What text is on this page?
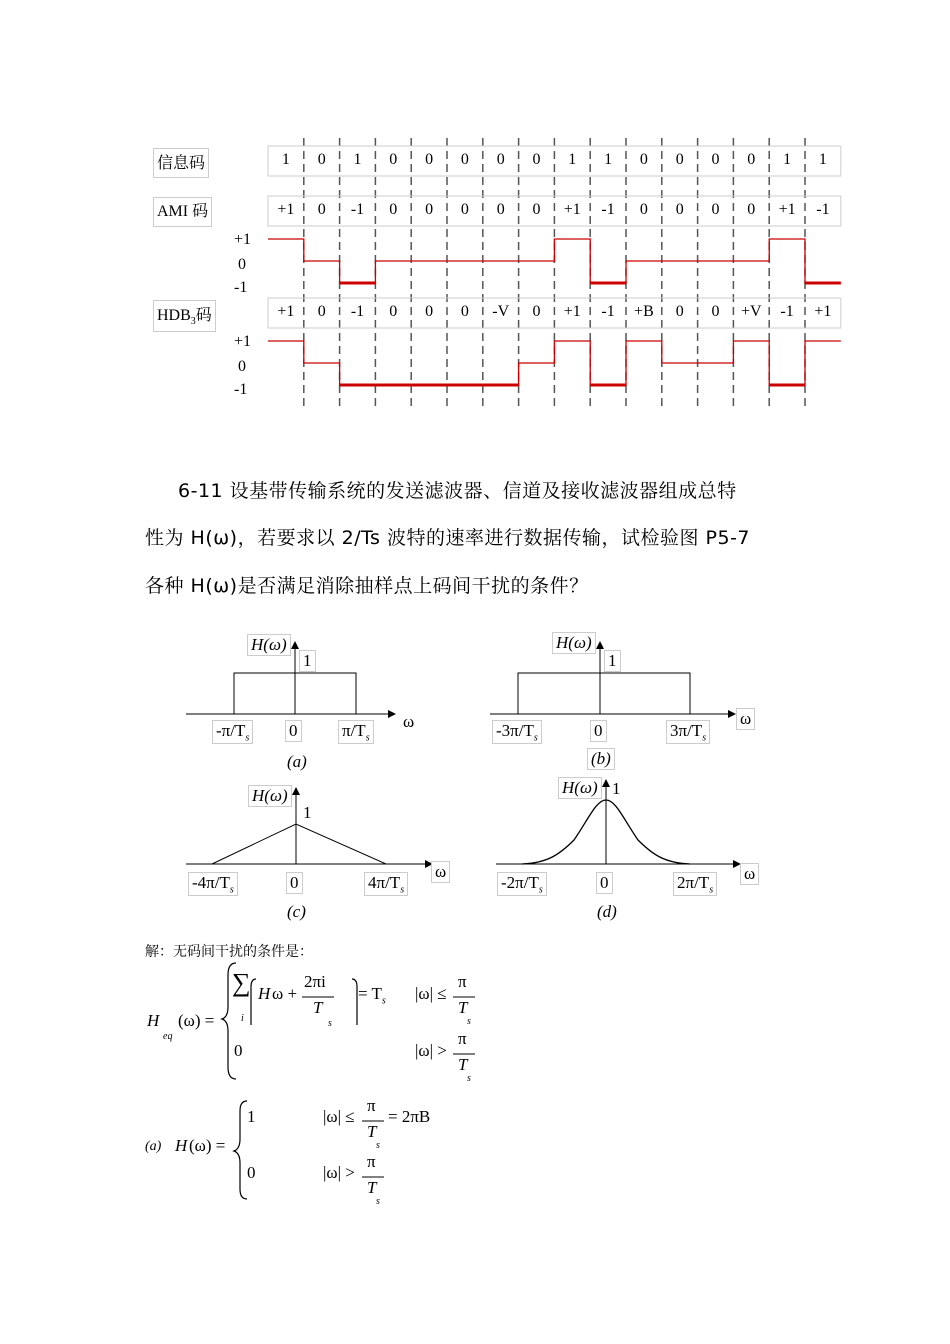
信息码
AMI 码
$HDB_3$码
+1
0
-1
+1
0
-1
1	0	1	0	0	0	0	0	1	1	0	0	0	0	1	1
+1	0	-1	0	0	0	0	0	+1	-1	0	0	0	0	+1	-1
+1	0	-1	0	0	0	-V	0	+1	-1	+B	0	0	+V	-1	+1
6-11 设基带传输系统的发送滤波器、信道及接收滤波器组成总特
性为 H(ω)，若要求以 2/Ts 波特的速率进行数据传输，试检验图 P5-7
各种 H(ω)是否满足消除抽样点上码间干扰的条件？
H(ω)
1
$-\pi/T_s$ 0	$\pi/T_s$
ω
(a)
H(ω)
1
$-3\pi/T_s$	0	$3\pi/T_s$
ω
(b)
H(ω)
1
$-4\pi/T_s$	0	$4\pi/T_s$
ω
(c)
H(ω) 1
$-2\pi/T_s$	0	$2\pi/T_s$
ω
(d)
解：无码间干扰的条件是：
H
eq
(ω) =
∑
i
H ω +
2πi
T
s
= $T_s$ |ω| ≤
π
T
s
0	|ω| >
π
T
s
(a) H (ω) =
1	|ω| ≤
π
T
s
= 2πB
0	|ω| >
π
T
s
